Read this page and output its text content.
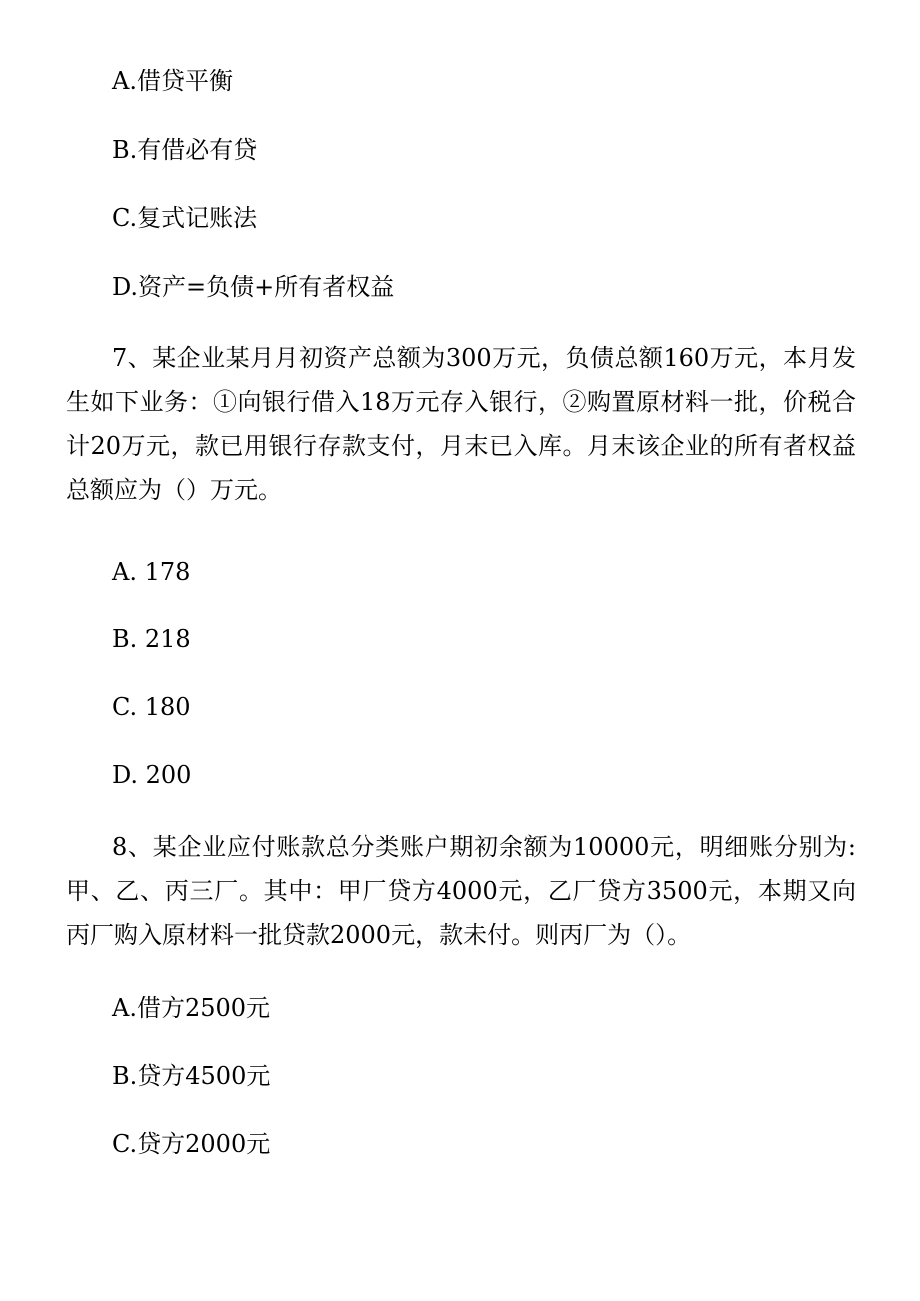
A.借贷平衡

B.有借必有贷

C.复式记账法

D.资产=负债+所有者权益

7、某企业某月月初资产总额为300万元，负债总额160万元，本月发生如下业务：①向银行借入18万元存入银行，②购置原材料一批，价税合计20万元，款已用银行存款支付，月末已入库。月末该企业的所有者权益总额应为（）万元。

A. 178

B. 218

C. 180

D. 200

8、某企业应付账款总分类账户期初余额为10000元，明细账分别为:甲、乙、丙三厂。其中：甲厂贷方4000元，乙厂贷方3500元，本期又向丙厂购入原材料一批贷款2000元，款未付。则丙厂为（）。

A.借方2500元

B.贷方4500元

C.贷方2000元
